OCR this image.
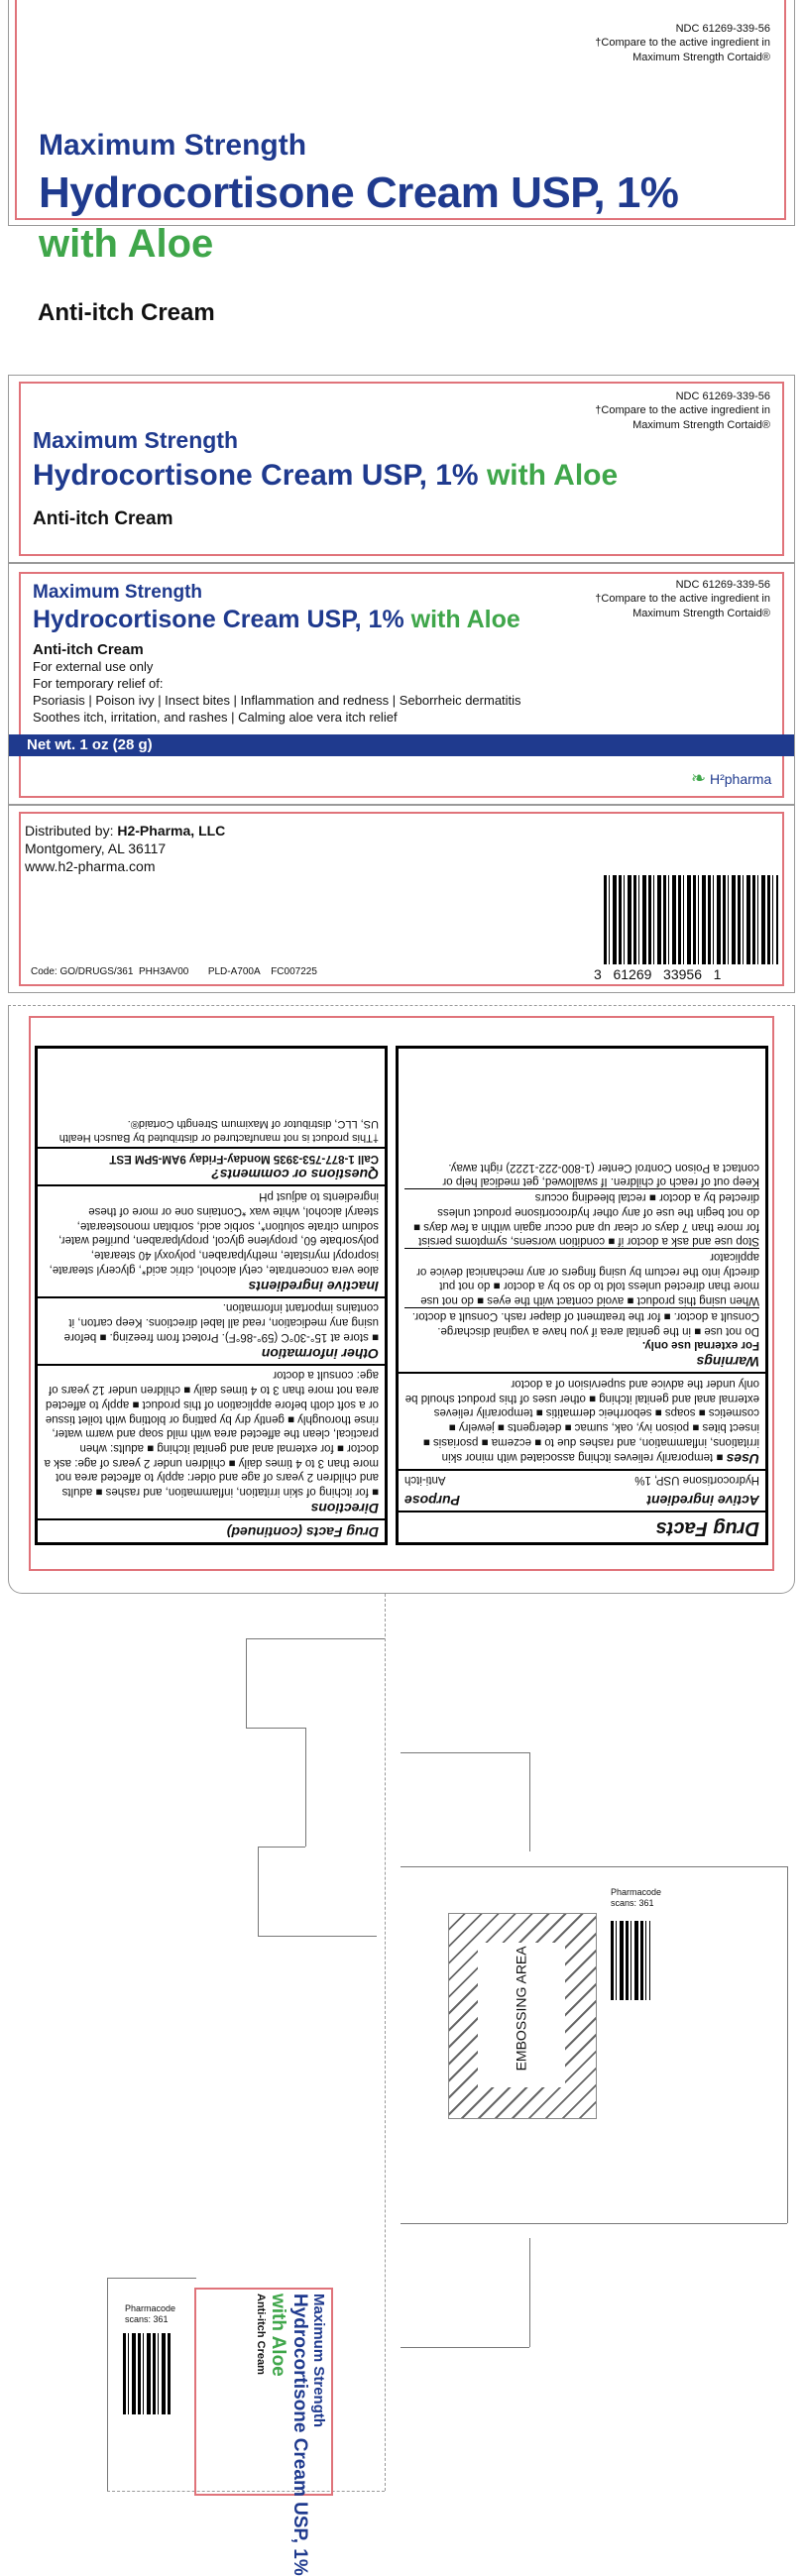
NDC 61269-339-56
†Compare to the active ingredient in
Maximum Strength Cortaid®
Maximum Strength
Hydrocortisone Cream USP, 1%
with Aloe
Anti-itch Cream
NDC 61269-339-56
†Compare to the active ingredient in
Maximum Strength Cortaid®
Maximum Strength
Hydrocortisone Cream USP, 1% with Aloe
Anti-itch Cream
NDC 61269-339-56
†Compare to the active ingredient in
Maximum Strength Cortaid®
Maximum Strength
Hydrocortisone Cream USP, 1% with Aloe
Anti-itch Cream
For external use only
For temporary relief of:
Psoriasis | Poison ivy | Insect bites | Inflammation and redness | Seborrheic dermatitis
Soothes itch, irritation, and rashes | Calming aloe vera itch relief
Net wt. 1 oz (28 g)
❧ H²pharma
Distributed by: H2-Pharma, LLC
Montgomery, AL 36117
www.h2-pharma.com
Code: GO/DRUGS/361 PHH3AV00 PLD-A700A FC007225	3   61269   33956   1
Drug Facts
Active ingredient
Purpose
Hydrocortisone USP, 1%
Anti-itch
Uses ■ temporarily relieves itching associated with minor skin irritations, inflammation, and rashes due to ■ eczema ■ psoriasis ■ insect bites ■ poison ivy, oak, sumac ■ detergents ■ jewelry ■ cosmetics ■ soaps ■ seborrheic dermatitis ■ temporarily relieves external anal and genital itching ■ other uses of this product should be only under the advice and supervision of a doctor
Warnings
For external use only.
Do not use ■ in the genital area if you have a vaginal discharge. Consult a doctor. ■ for the treatment of diaper rash. Consult a doctor.
When using this product ■ avoid contact with the eyes ■ do not use more than directed unless told to do so by a doctor ■ do not put directly into the rectum by using fingers or any mechanical device or applicator
Stop use and ask a doctor if ■ condition worsens, symptoms persist for more than 7 days or clear up and occur again within a few days ■ do not begin the use of any other hydrocortisone product unless directed by a doctor ■ rectal bleeding occurs
Keep out of reach of children. If swallowed, get medical help or contact a Poison Control Center (1-800-222-1222) right away.
Drug Facts (continued)
Directions
■ for itching of skin irritation, inflammation, and rashes ■ adults and children 2 years of age and older: apply to affected area not more than 3 to 4 times daily ■ children under 2 years of age: ask a doctor ■ for external anal and genital itching ■ adults: when practical, clean the affected area with mild soap and warm water, rinse thoroughly ■ gently dry by patting or blotting with toilet tissue or a soft cloth before application of this product ■ apply to affected area not more than 3 to 4 times daily ■ children under 12 years of age: consult a doctor
Other information
■ store at 15°-30°C (59°-86°F). Protect from freezing. ■ before using any medication, read all label directions. Keep carton, it contains important information.
Inactive ingredients
aloe vera concentrate, cetyl alcohol, citric acid*, glyceryl stearate, isopropyl myristate, methylparaben, polyoxyl 40 stearate, polysorbate 60, propylene glycol, propylparaben, purified water, sodium citrate solution*, sorbic acid, sorbitan monostearate, stearyl alcohol, white wax *Contains one or more of these ingredients to adjust pH
Questions or comments?
Call 1-877-753-3935 Monday-Friday 9AM-5PM EST
†This product is not manufactured or distributed by Bausch Health US, LLC, distributor of Maximum Strength Cortaid®.
EMBOSSING AREA
Pharmacode
scans: 361
Pharmacode
scans: 361	Maximum Strength
Hydrocortisone Cream USP, 1%
with Aloe
Anti-itch Cream
